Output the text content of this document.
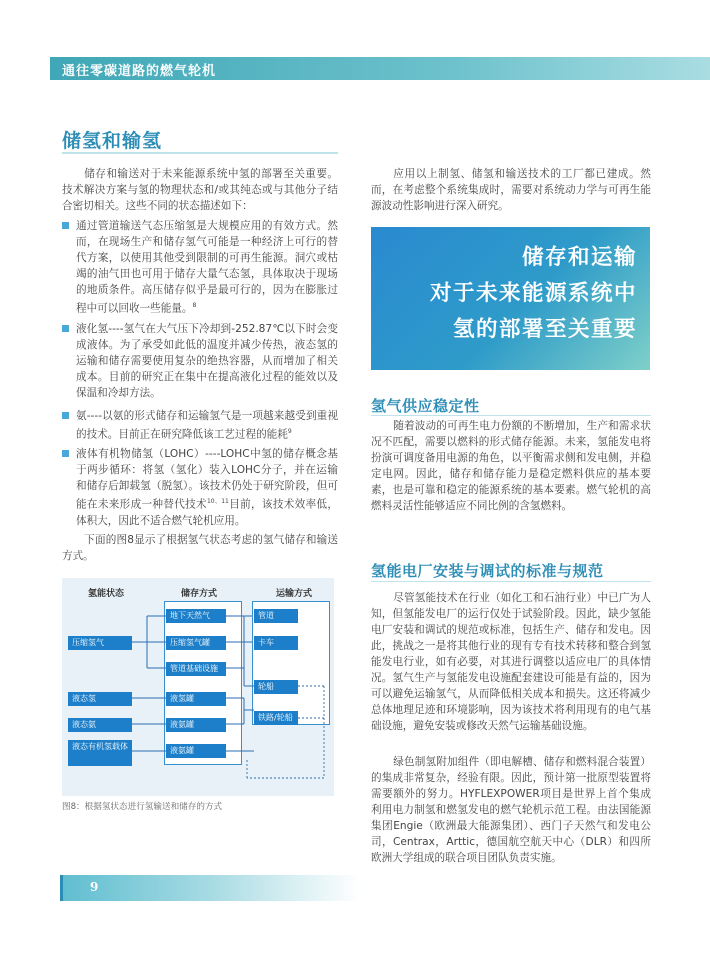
通往零碳道路的燃气轮机
储氢和输氢
储存和输送对于未来能源系统中氢的部署至关重要。技术解决方案与氢的物理状态和/或其纯态或与其他分子结合密切相关。这些不同的状态描述如下：
通过管道输送气态压缩氢是大规模应用的有效方式。然而，在现场生产和储存氢气可能是一种经济上可行的替代方案，以使用其他受到限制的可再生能源。洞穴或枯竭的油气田也可用于储存大量气态氢，具体取决于现场的地质条件。高压储存似乎是最可行的，因为在膨胀过程中可以回收一些能量。$^8$
液化氢----氢气在大气压下冷却到-252.87℃以下时会变成液体。为了承受如此低的温度并减少传热，液态氢的运输和储存需要使用复杂的绝热容器，从而增加了相关成本。目前的研究正在集中在提高液化过程的能效以及保温和冷却方法。
氨----以氨的形式储存和运输氢气是一项越来越受到重视的技术。目前正在研究降低该工艺过程的能耗$^9$
液体有机物储氢（LOHC）----LOHC中氢的储存概念基于两步循环：将氢（氢化）装入LOHC分子，并在运输和储存后卸载氢（脱氢）。该技术仍处于研究阶段，但可能在未来形成一种替代技术$^{10、11}$目前，该技术效率低，体积大，因此不适合燃气轮机应用。
下面的图8显示了根据氢气状态考虑的氢气储存和输送方式。
氢能状态	储存方式	运输方式
压缩氢气
液态氢
液态氨
液态有机氢载体
地下天然气
压缩氢气罐
管道基础设施
液氢罐
液氨罐
液氨罐
管道
卡车
轮船
铁路/轮船
图8：根据氢状态进行氢输送和储存的方式
应用以上制氢、储氢和输送技术的工厂都已建成。然而，在考虑整个系统集成时，需要对系统动力学与可再生能源波动性影响进行深入研究。
储存和运输
对于未来能源系统中
氢的部署至关重要
氢气供应稳定性
随着波动的可再生电力份额的不断增加，生产和需求状况不匹配，需要以燃料的形式储存能源。未来，氢能发电将扮演可调度备用电源的角色，以平衡需求侧和发电侧，并稳定电网。因此，储存和储存能力是稳定燃料供应的基本要素，也是可靠和稳定的能源系统的基本要素。燃气轮机的高燃料灵活性能够适应不同比例的含氢燃料。
氢能电厂安装与调试的标准与规范
尽管氢能技术在行业（如化工和石油行业）中已广为人知，但氢能发电厂的运行仅处于试验阶段。因此，缺少氢能电厂安装和调试的规范或标准，包括生产、储存和发电。因此，挑战之一是将其他行业的现有专有技术转移和整合到氢能发电行业，如有必要，对其进行调整以适应电厂的具体情况。氢气生产与氢能发电设施配套建设可能是有益的，因为可以避免运输氢气，从而降低相关成本和损失。这还将减少总体地理足迹和环境影响，因为该技术将利用现有的电气基础设施，避免安装或修改天然气运输基础设施。
绿色制氢附加组件（即电解槽、储存和燃料混合装置）的集成非常复杂，经验有限。因此，预计第一批原型装置将需要额外的努力。HYFLEXPOWER项目是世界上首个集成利用电力制氢和燃氢发电的燃气轮机示范工程。由法国能源集团Engie（欧洲最大能源集团）、西门子天然气和发电公司，Centrax，Arttic，德国航空航天中心（DLR）和四所欧洲大学组成的联合项目团队负责实施。
9
